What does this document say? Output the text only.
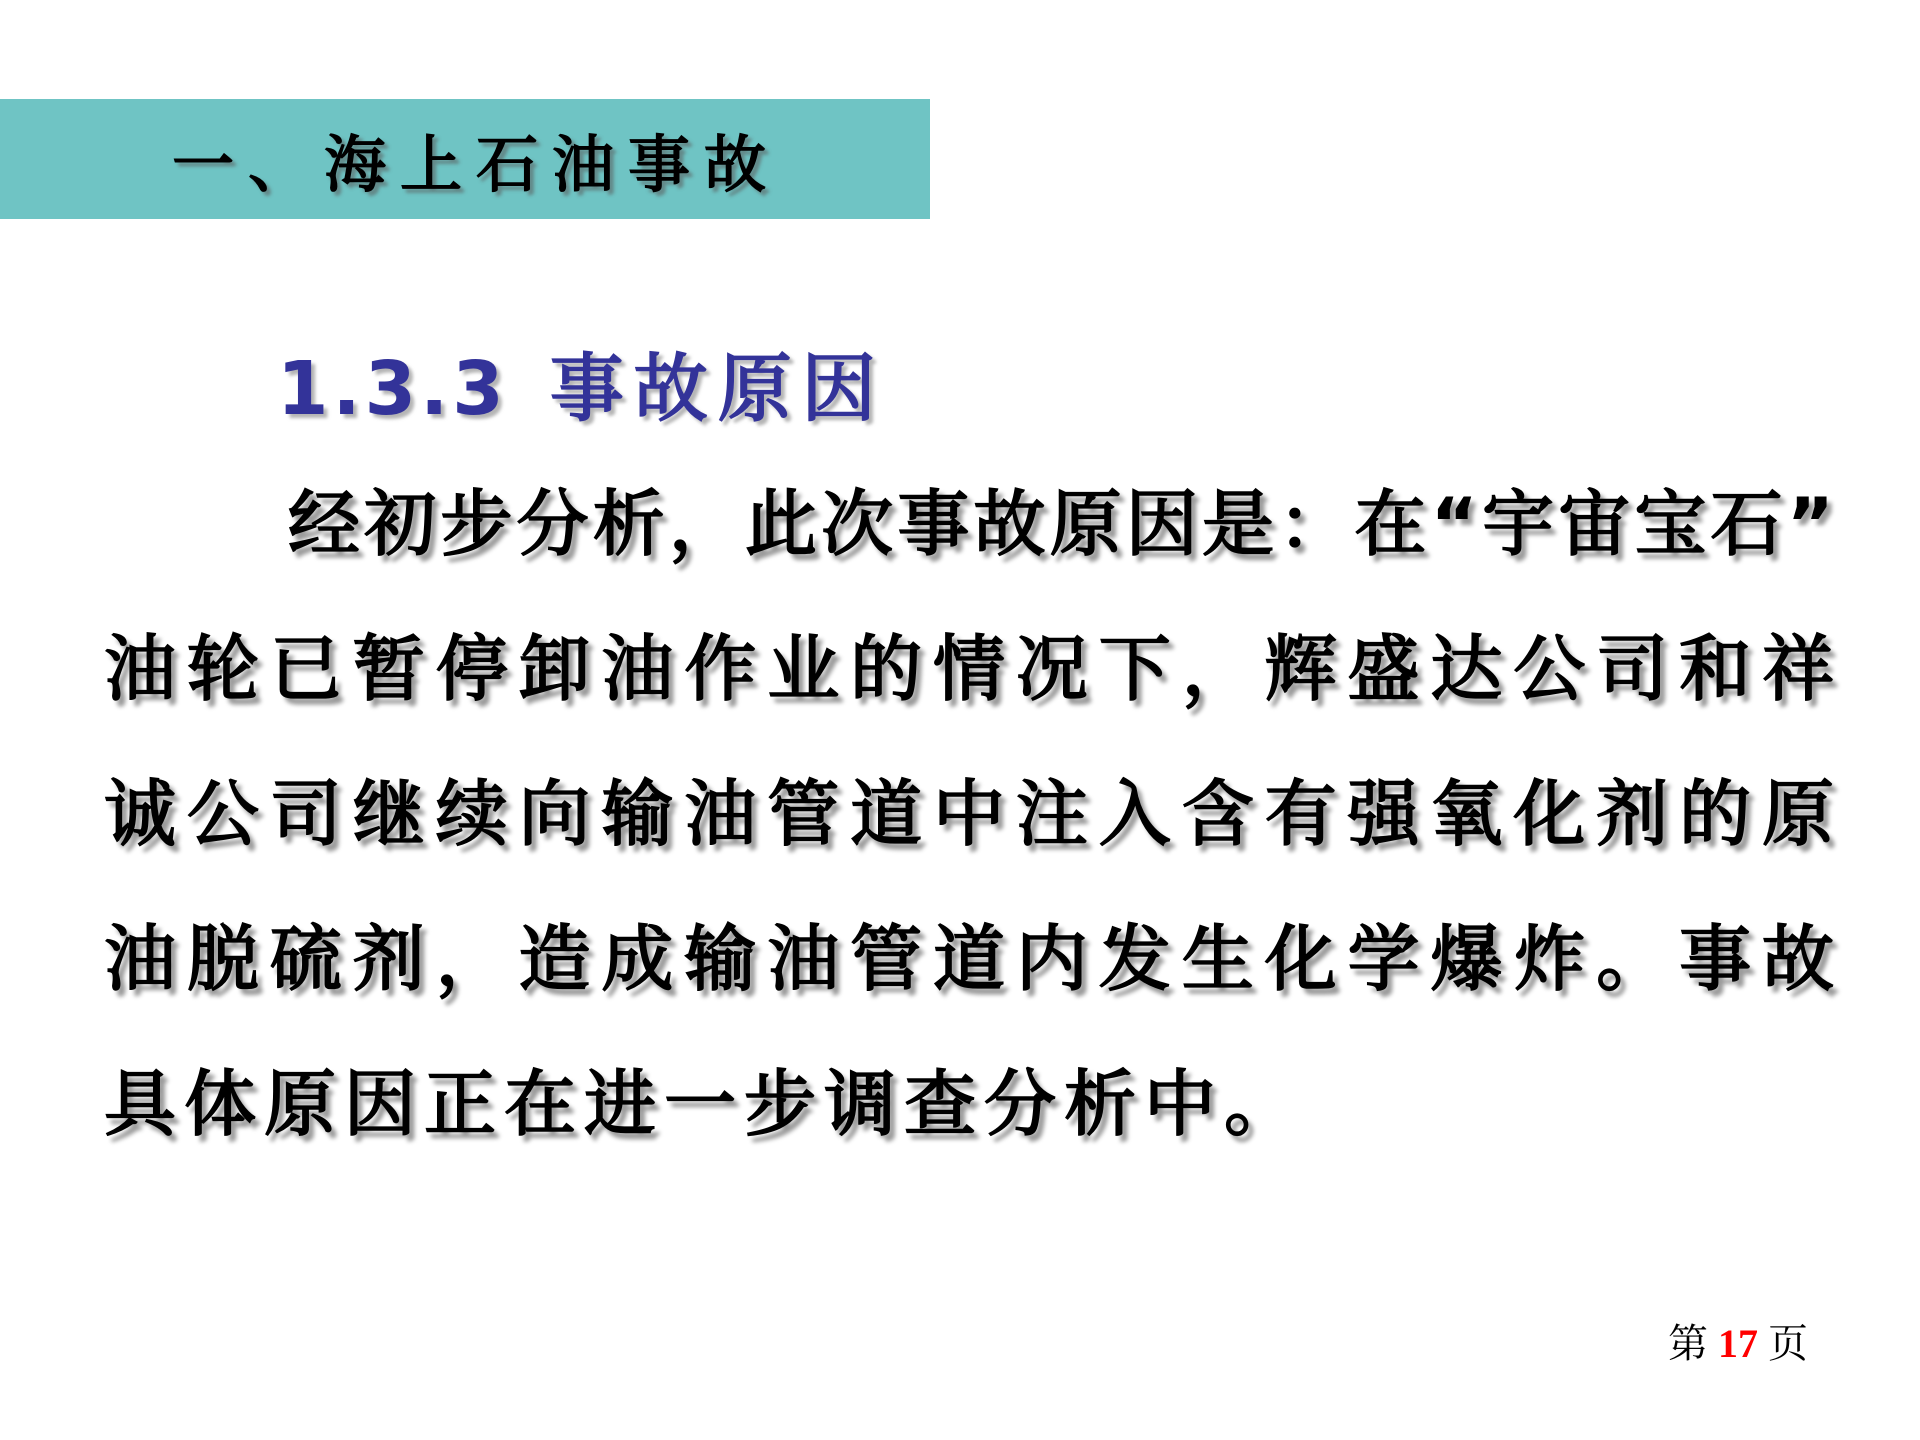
一、海上石油事故
1.3.3 事故原因
经初步分析，此次事故原因是：在“宇宙宝石”
油轮已暂停卸油作业的情况下，辉盛达公司和祥
诚公司继续向输油管道中注入含有强氧化剂的原
油脱硫剂，造成输油管道内发生化学爆炸。事故
具体原因正在进一步调查分析中。
第 17 页
